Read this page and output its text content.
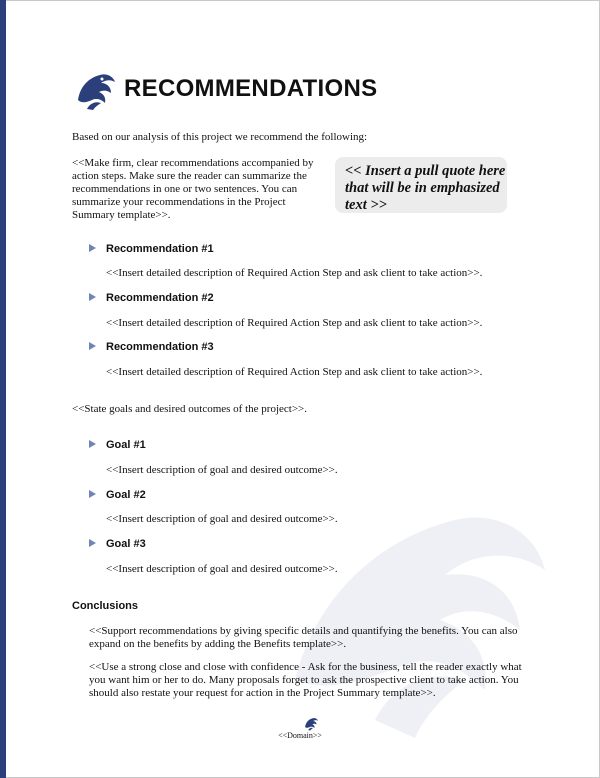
RECOMMENDATIONS

Based on our analysis of this project we recommend the following:

<<Make firm, clear recommendations accompanied by action steps. Make sure the reader can summarize the recommendations in one or two sentences. You can summarize your recommendations in the Project Summary template>>.

<< Insert a pull quote here that will be in emphasized text >>
Recommendation #1

<<Insert detailed description of Required Action Step and ask client to take action>>.

Recommendation #2

<<Insert detailed description of Required Action Step and ask client to take action>>.

Recommendation #3

<<Insert detailed description of Required Action Step and ask client to take action>>.

<<State goals and desired outcomes of the project>>.

Goal #1

<<Insert description of goal and desired outcome>>.

Goal #2

<<Insert description of goal and desired outcome>>.

Goal #3

<<Insert description of goal and desired outcome>>.

Conclusions

<<Support recommendations by giving specific details and quantifying the benefits. You can also expand on the benefits by adding the Benefits template>>.

<<Use a strong close and close with confidence - Ask for the business, tell the reader exactly what you want him or her to do. Many proposals forget to ask the prospective client to take action. You should also restate your request for action in the Project Summary template>>.

<<Domain>>
